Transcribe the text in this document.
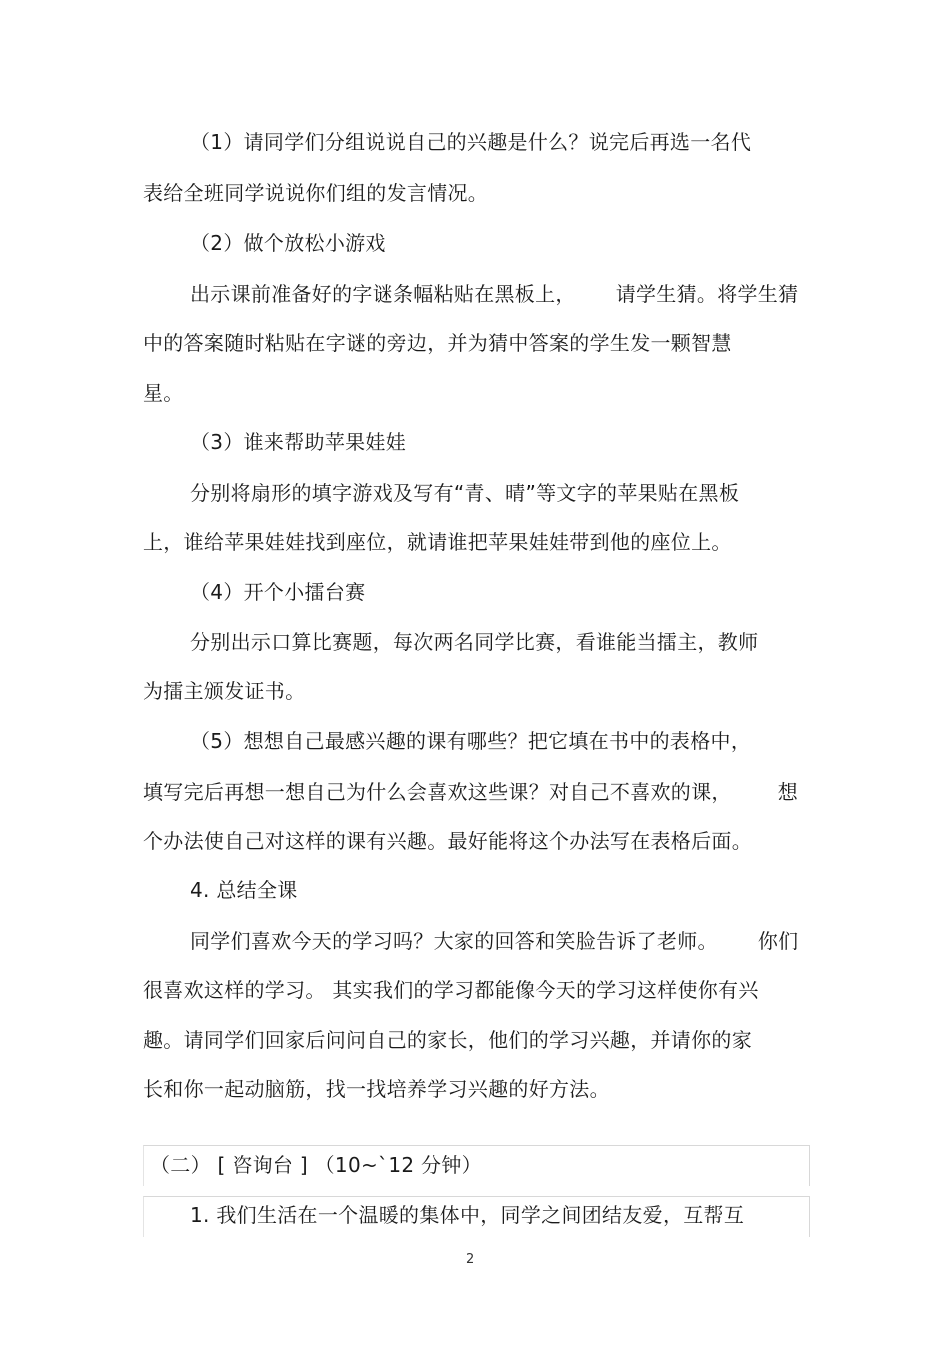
（1）请同学们分组说说自己的兴趣是什么？说完后再选一名代
表给全班同学说说你们组的发言情况。
（2）做个放松小游戏
出示课前准备好的字谜条幅粘贴在黑板上， 请学生猜。将学生猜
中的答案随时粘贴在字谜的旁边，并为猜中答案的学生发一颗智慧
星。
（3）谁来帮助苹果娃娃
分别将扇形的填字游戏及写有“青、晴”等文字的苹果贴在黑板
上，谁给苹果娃娃找到座位，就请谁把苹果娃娃带到他的座位上。
（4）开个小擂台赛
分别出示口算比赛题，每次两名同学比赛，看谁能当擂主，教师
为擂主颁发证书。
（5）想想自己最感兴趣的课有哪些？把它填在书中的表格中，
填写完后再想一想自己为什么会喜欢这些课？对自己不喜欢的课， 想
个办法使自己对这样的课有兴趣。最好能将这个办法写在表格后面。
4. 总结全课
同学们喜欢今天的学习吗？大家的回答和笑脸告诉了老师。 你们
很喜欢这样的学习。 其实我们的学习都能像今天的学习这样使你有兴
趣。请同学们回家后问问自己的家长，他们的学习兴趣，并请你的家
长和你一起动脑筋，找一找培养学习兴趣的好方法。
（二） [ 咨询台 ] （10~`12 分钟）
1. 我们生活在一个温暖的集体中，同学之间团结友爱，互帮互
2
